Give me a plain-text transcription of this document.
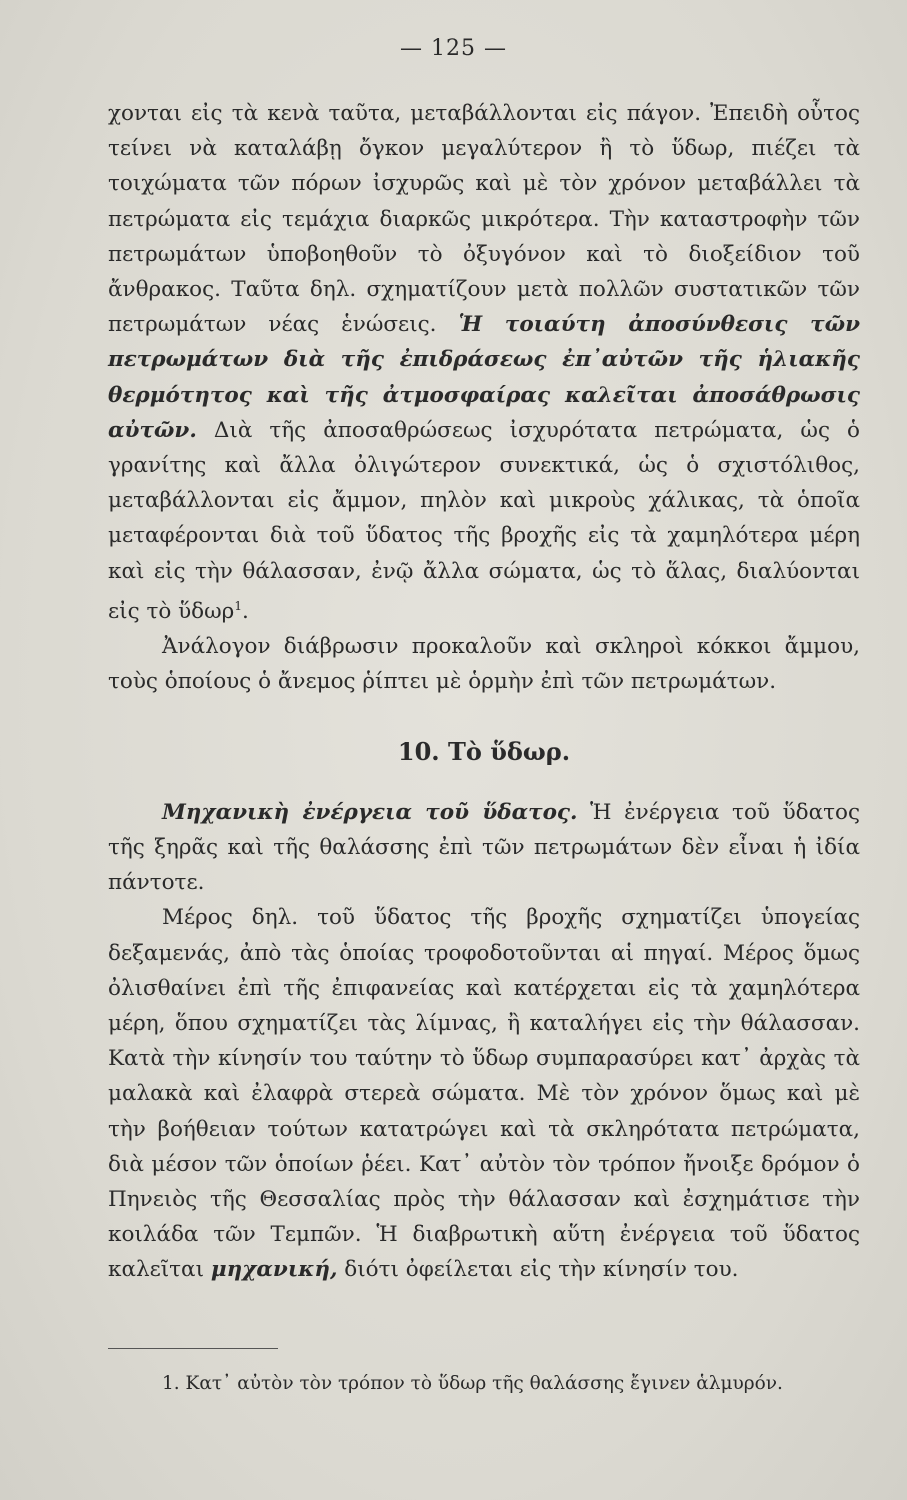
— 125 —

χονται εἰς τὰ κενὰ ταῦτα, μεταβάλλονται εἰς πάγον. Ἐπειδὴ οὗτος τείνει νὰ καταλάβῃ ὄγκον μεγαλύτερον ἢ τὸ ὕδωρ, πιέζει τὰ τοιχώματα τῶν πόρων ἰσχυρῶς καὶ μὲ τὸν χρόνον μεταβάλλει τὰ πετρώματα εἰς τεμάχια διαρκῶς μικρότερα. Τὴν καταστροφὴν τῶν πετρωμάτων ὑποβοηθοῦν τὸ ὀξυγόνον καὶ τὸ διοξείδιον τοῦ ἄνθρακος. Ταῦτα δηλ. σχηματίζουν μετὰ πολλῶν συστατικῶν τῶν πετρωμάτων νέας ἑνώσεις. Ἡ τοιαύτη ἀποσύνθεσις τῶν πετρωμάτων διὰ τῆς ἐπιδράσεως ἐπ᾽αὐτῶν τῆς ἡλιακῆς θερμότητος καὶ τῆς ἀτμοσφαίρας καλεῖται ἀποσάθρωσις αὐτῶν. Διὰ τῆς ἀποσαθρώσεως ἰσχυρότατα πετρώματα, ὡς ὁ γρανίτης καὶ ἄλλα ὀλιγώτερον συνεκτικά, ὡς ὁ σχιστόλιθος, μεταβάλλονται εἰς ἄμμον, πηλὸν καὶ μικροὺς χάλικας, τὰ ὁποῖα μεταφέρονται διὰ τοῦ ὕδατος τῆς βροχῆς εἰς τὰ χαμηλότερα μέρη καὶ εἰς τὴν θάλασσαν, ἐνῷ ἄλλα σώματα, ὡς τὸ ἅλας, διαλύονται εἰς τὸ ὕδωρ$^1$.

Ἀνάλογον διάβρωσιν προκαλοῦν καὶ σκληροὶ κόκκοι ἄμμου, τοὺς ὁποίους ὁ ἄνεμος ῥίπτει μὲ ὁρμὴν ἐπὶ τῶν πετρωμάτων.

10. Τὸ ὕδωρ.

Μηχανικὴ ἐνέργεια τοῦ ὕδατος. Ἡ ἐνέργεια τοῦ ὕδατος τῆς ξηρᾶς καὶ τῆς θαλάσσης ἐπὶ τῶν πετρωμάτων δὲν εἶναι ἡ ἰδία πάντοτε.

Μέρος δηλ. τοῦ ὕδατος τῆς βροχῆς σχηματίζει ὑπογείας δεξαμενάς, ἀπὸ τὰς ὁποίας τροφοδοτοῦνται αἱ πηγαί. Μέρος ὅμως ὀλισθαίνει ἐπὶ τῆς ἐπιφανείας καὶ κατέρχεται εἰς τὰ χαμηλότερα μέρη, ὅπου σχηματίζει τὰς λίμνας, ἢ καταλήγει εἰς τὴν θάλασσαν. Κατὰ τὴν κίνησίν του ταύτην τὸ ὕδωρ συμπαρασύρει κατ᾽ ἀρχὰς τὰ μαλακὰ καὶ ἐλαφρὰ στερεὰ σώματα. Μὲ τὸν χρόνον ὅμως καὶ μὲ τὴν βοήθειαν τούτων κατατρώγει καὶ τὰ σκληρότατα πετρώματα, διὰ μέσον τῶν ὁποίων ῥέει. Κατ᾽ αὐτὸν τὸν τρόπον ἤνοιξε δρόμον ὁ Πηνειὸς τῆς Θεσσαλίας πρὸς τὴν θάλασσαν καὶ ἐσχημάτισε τὴν κοιλάδα τῶν Τεμπῶν. Ἡ διαβρωτικὴ αὕτη ἐνέργεια τοῦ ὕδατος καλεῖται μηχανική, διότι ὀφείλεται εἰς τὴν κίνησίν του.

1. Κατ᾽ αὐτὸν τὸν τρόπον τὸ ὕδωρ τῆς θαλάσσης ἔγινεν ἁλμυρόν.
